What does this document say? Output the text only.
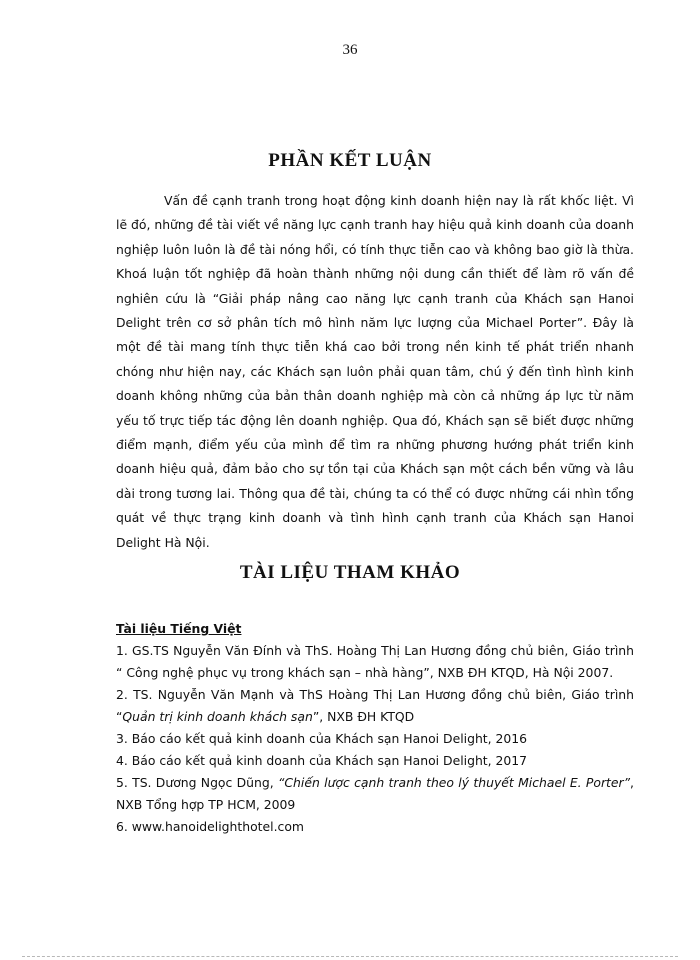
36
PHẦN KẾT LUẬN

Vấn đề cạnh tranh trong hoạt động kinh doanh hiện nay là rất khốc liệt. Vì lẽ đó, những đề tài viết về năng lực cạnh tranh hay hiệu quả kinh doanh của doanh nghiệp luôn luôn là đề tài nóng hổi, có tính thực tiễn cao và không bao giờ là thừa. Khoá luận tốt nghiệp đã hoàn thành những nội dung cần thiết để làm rõ vấn đề nghiên cứu là “Giải pháp nâng cao năng lực cạnh tranh của Khách sạn Hanoi Delight trên cơ sở phân tích mô hình năm lực lượng của Michael Porter”. Đây là một đề tài mang tính thực tiễn khá cao bởi trong nền kinh tế phát triển nhanh chóng như hiện nay, các Khách sạn luôn phải quan tâm, chú ý đến tình hình kinh doanh không những của bản thân doanh nghiệp mà còn cả những áp lực từ năm yếu tố trực tiếp tác động lên doanh nghiệp. Qua đó, Khách sạn sẽ biết được những điểm mạnh, điểm yếu của mình để tìm ra những phương hướng phát triển kinh doanh hiệu quả, đảm bảo cho sự tồn tại của Khách sạn một cách bền vững và lâu dài trong tương lai. Thông qua đề tài, chúng ta có thể có được những cái nhìn tổng quát về thực trạng kinh doanh và tình hình cạnh tranh của Khách sạn Hanoi Delight Hà Nội.

TÀI LIỆU THAM KHẢO
Tài liệu Tiếng Việt

1. GS.TS Nguyễn Văn Đính và ThS. Hoàng Thị Lan Hương đồng chủ biên, Giáo trình “ Công nghệ phục vụ trong khách sạn – nhà hàng”, NXB ĐH KTQD, Hà Nội 2007.

2. TS. Nguyễn Văn Mạnh và ThS Hoàng Thị Lan Hương đồng chủ biên, Giáo trình “Quản trị kinh doanh khách sạn”, NXB ĐH KTQD

3. Báo cáo kết quả kinh doanh của Khách sạn Hanoi Delight, 2016

4. Báo cáo kết quả kinh doanh của Khách sạn Hanoi Delight, 2017

5. TS. Dương Ngọc Dũng, “Chiến lược cạnh tranh theo lý thuyết Michael E. Porter”, NXB Tổng hợp TP HCM, 2009

6. www.hanoidelighthotel.com
